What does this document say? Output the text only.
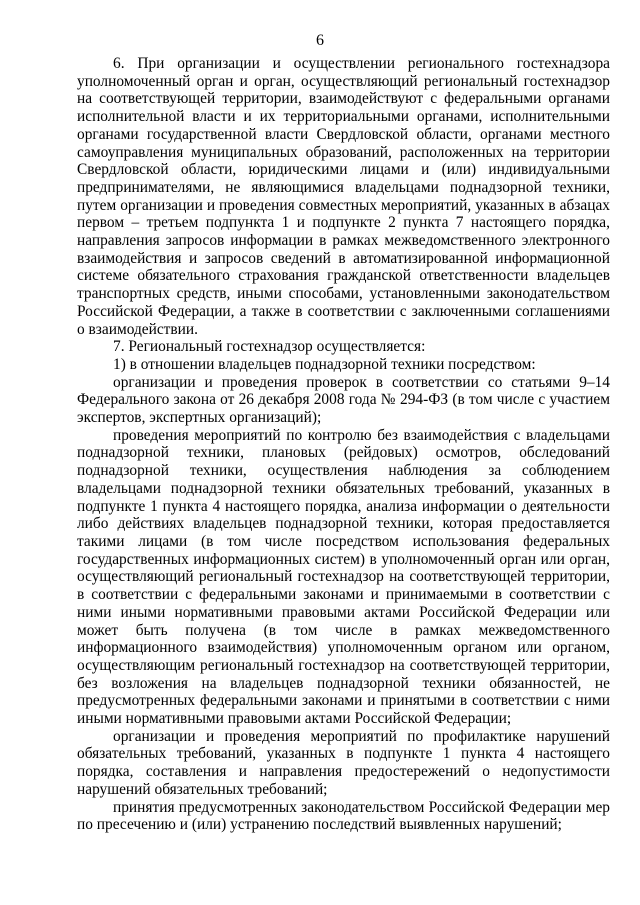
6

6. При организации и осуществлении регионального гостехнадзора уполномоченный орган и орган, осуществляющий региональный гостехнадзор на соответствующей территории, взаимодействуют с федеральными органами исполнительной власти и их территориальными органами, исполнительными органами государственной власти Свердловской области, органами местного самоуправления муниципальных образований, расположенных на территории Свердловской области, юридическими лицами и (или) индивидуальными предпринимателями, не являющимися владельцами поднадзорной техники, путем организации и проведения совместных мероприятий, указанных в абзацах первом – третьем подпункта 1 и подпункте 2 пункта 7 настоящего порядка, направления запросов информации в рамках межведомственного электронного взаимодействия и запросов сведений в автоматизированной информационной системе обязательного страхования гражданской ответственности владельцев транспортных средств, иными способами, установленными законодательством Российской Федерации, а также в соответствии с заключенными соглашениями о взаимодействии.

7. Региональный гостехнадзор осуществляется:

1) в отношении владельцев поднадзорной техники посредством:

организации и проведения проверок в соответствии со статьями 9–14 Федерального закона от 26 декабря 2008 года № 294-ФЗ (в том числе с участием экспертов, экспертных организаций);

проведения мероприятий по контролю без взаимодействия с владельцами поднадзорной техники, плановых (рейдовых) осмотров, обследований поднадзорной техники, осуществления наблюдения за соблюдением владельцами поднадзорной техники обязательных требований, указанных в подпункте 1 пункта 4 настоящего порядка, анализа информации о деятельности либо действиях владельцев поднадзорной техники, которая предоставляется такими лицами (в том числе посредством использования федеральных государственных информационных систем) в уполномоченный орган или орган, осуществляющий региональный гостехнадзор на соответствующей территории, в соответствии с федеральными законами и принимаемыми в соответствии с ними иными нормативными правовыми актами Российской Федерации или может быть получена (в том числе в рамках межведомственного информационного взаимодействия) уполномоченным органом или органом, осуществляющим региональный гостехнадзор на соответствующей территории, без возложения на владельцев поднадзорной техники обязанностей, не предусмотренных федеральными законами и принятыми в соответствии с ними иными нормативными правовыми актами Российской Федерации;

организации и проведения мероприятий по профилактике нарушений обязательных требований, указанных в подпункте 1 пункта 4 настоящего порядка, составления и направления предостережений о недопустимости нарушений обязательных требований;

принятия предусмотренных законодательством Российской Федерации мер по пресечению и (или) устранению последствий выявленных нарушений;
